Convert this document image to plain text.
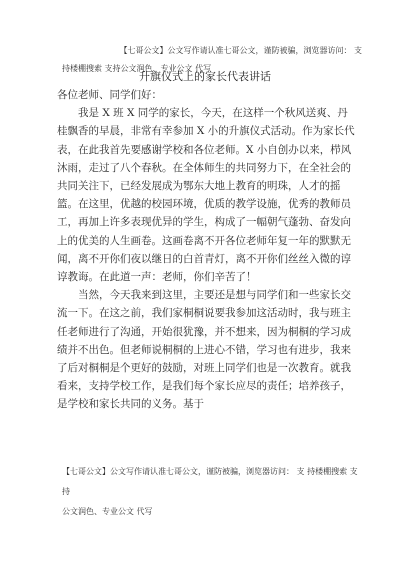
【七哥公文】公文写作请认准七哥公文，谨防被骗，浏览器访问： 支
持楼棚搜索 支持公文润色、专业公文 代写
升旗仪式上的家长代表讲话

各位老师、同学们好：

我是 X 班 X 同学的家长，今天，在这样一个秋风送爽、丹桂飘香的早晨，非常有幸参加 X 小的升旗仪式活动。作为家长代表，在此我首先要感谢学校和各位老师。X 小自创办以来，栉风沐雨，走过了八个春秋。在全体师生的共同努力下，在全社会的共同关注下，已经发展成为鄂东大地上教育的明珠，人才的摇篮。在这里，优越的校园环境，优质的教学设施，优秀的教师员工，再加上许多表现优异的学生，构成了一幅朝气蓬勃、奋发向上的优美的人生画卷。这画卷离不开各位老师年复一年的默默无闻，离不开你们夜以继日的白首青灯，离不开你们丝丝入微的谆谆教诲。在此道一声：老师，你们辛苦了！

当然，今天我来到这里，主要还是想与同学们和一些家长交流一下。在这之前，我们家桐桐说要我参加这活动时，我与班主任老师进行了沟通，开始很犹豫，并不想来，因为桐桐的学习成绩并不出色。但老师说桐桐的上进心不错，学习也有进步，我来了后对桐桐是个更好的鼓励，对班上同学们也是一次教育。就我看来，支持学校工作，是我们每个家长应尽的责任；培养孩子，是学校和家长共同的义务。基于

【七哥公文】公文写作请认准七哥公文，谨防被骗，浏览器访问： 支 持楼棚搜索 支持
公文润色、专业公文 代写
